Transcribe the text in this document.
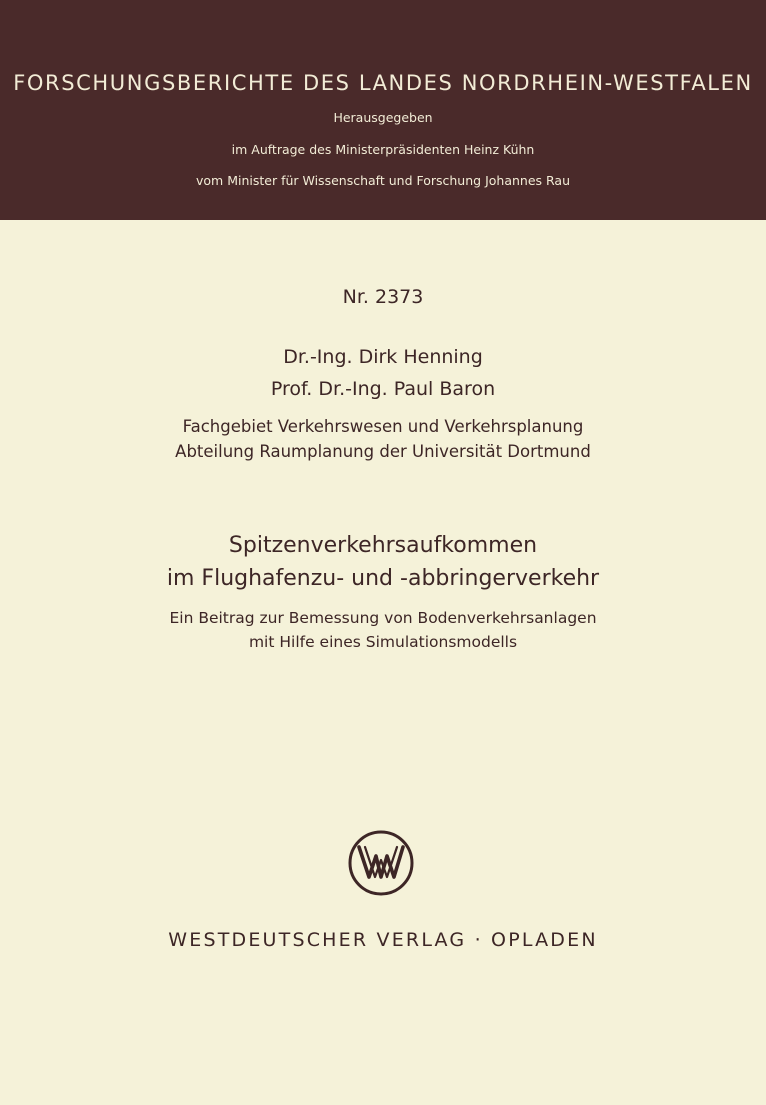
FORSCHUNGSBERICHTE DES LANDES NORDRHEIN-WESTFALEN
Herausgegeben
im Auftrage des Ministerpräsidenten Heinz Kühn
vom Minister für Wissenschaft und Forschung Johannes Rau
Nr. 2373
Dr.-Ing. Dirk Henning
Prof. Dr.-Ing. Paul Baron
Fachgebiet Verkehrswesen und Verkehrsplanung
Abteilung Raumplanung der Universität Dortmund
Spitzenverkehrsaufkommen
im Flughafenzu- und -abbringerverkehr
Ein Beitrag zur Bemessung von Bodenverkehrsanlagen
mit Hilfe eines Simulationsmodells
WESTDEUTSCHER VERLAG · OPLADEN
